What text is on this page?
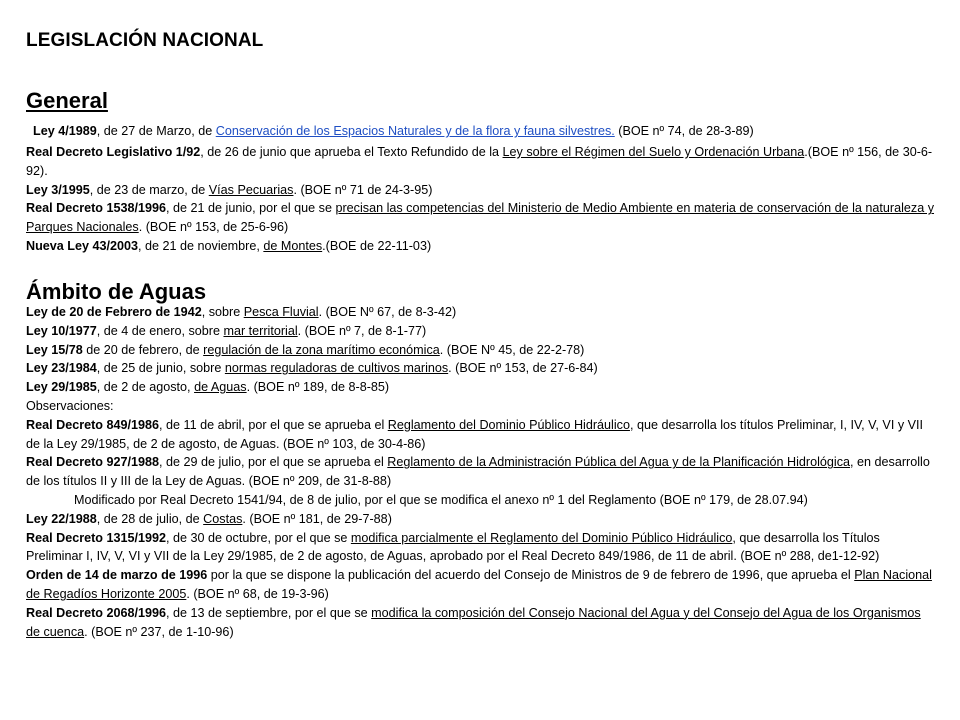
LEGISLACIÓN NACIONAL
General

Ley 4/1989, de 27 de Marzo, de Conservación de los Espacios Naturales y de la flora y fauna silvestres. (BOE nº 74, de 28-3-89)

Real Decreto Legislativo 1/92, de 26 de junio que aprueba el Texto Refundido de la Ley sobre el Régimen del Suelo y Ordenación Urbana.(BOE nº 156, de 30-6-92).

Ley 3/1995, de 23 de marzo, de Vías Pecuarias. (BOE nº 71 de 24-3-95)

Real Decreto 1538/1996, de 21 de junio, por el que se precisan las competencias del Ministerio de Medio Ambiente en materia de conservación de la naturaleza y Parques Nacionales. (BOE nº 153, de 25-6-96)

Nueva Ley 43/2003, de 21 de noviembre, de Montes.(BOE de 22-11-03)

Ámbito de Aguas

Ley de 20 de Febrero de 1942, sobre Pesca Fluvial. (BOE Nº 67, de 8-3-42)

Ley 10/1977, de 4 de enero, sobre mar territorial. (BOE nº 7, de 8-1-77)

Ley 15/78 de 20 de febrero, de regulación de la zona marítimo económica. (BOE Nº 45, de 22-2-78)

Ley 23/1984, de 25 de junio, sobre normas reguladoras de cultivos marinos. (BOE nº 153, de 27-6-84)

Ley 29/1985, de 2 de agosto, de Aguas. (BOE nº 189, de 8-8-85)

Observaciones:

Real Decreto 849/1986, de 11 de abril, por el que se aprueba el Reglamento del Dominio Público Hidráulico, que desarrolla los títulos Preliminar, I, IV, V, VI y VII de la Ley 29/1985, de 2 de agosto, de Aguas. (BOE nº 103, de 30-4-86)

Real Decreto 927/1988, de 29 de julio, por el que se aprueba el Reglamento de la Administración Pública del Agua y de la Planificación Hidrológica, en desarrollo de los títulos II y III de la Ley de Aguas. (BOE nº 209, de 31-8-88)

Modificado por Real Decreto 1541/94, de 8 de julio, por el que se modifica el anexo nº 1 del Reglamento (BOE nº 179, de 28.07.94)

Ley 22/1988, de 28 de julio, de Costas. (BOE nº 181, de 29-7-88)

Real Decreto 1315/1992, de 30 de octubre, por el que se modifica parcialmente el Reglamento del Dominio Público Hidráulico, que desarrolla los Títulos Preliminar I, IV, V, VI y VII de la Ley 29/1985, de 2 de agosto, de Aguas, aprobado por el Real Decreto 849/1986, de 11 de abril. (BOE nº 288, de1-12-92)

Orden de 14 de marzo de 1996 por la que se dispone la publicación del acuerdo del Consejo de Ministros de 9 de febrero de 1996, que aprueba el Plan Nacional de Regadíos Horizonte 2005. (BOE nº 68, de 19-3-96)

Real Decreto 2068/1996, de 13 de septiembre, por el que se modifica la composición del Consejo Nacional del Agua y del Consejo del Agua de los Organismos de cuenca. (BOE nº 237, de 1-10-96)
